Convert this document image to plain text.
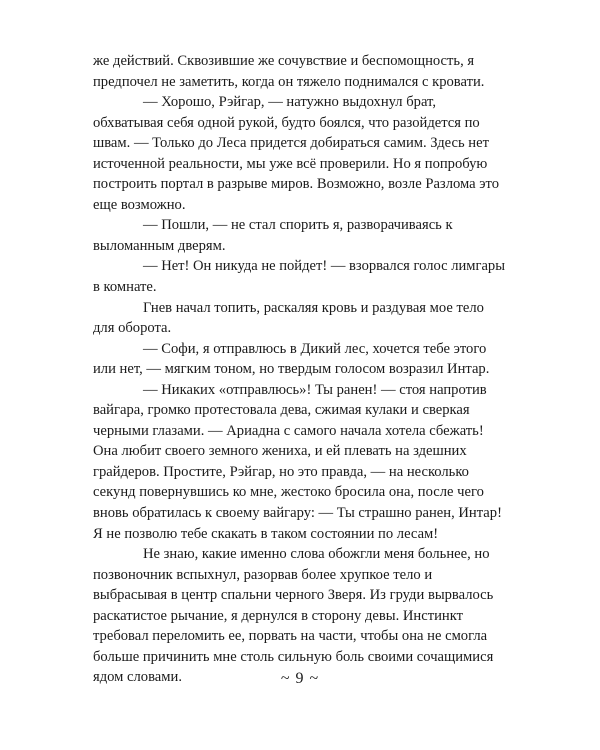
же действий. Сквозившие же сочувствие и беспомощность, я
предпочел не заметить, когда он тяжело поднимался с кровати.
— Хорошо, Рэйгар, — натужно выдохнул брат,
обхватывая себя одной рукой, будто боялся, что разойдется по
швам. — Только до Леса придется добираться самим. Здесь нет
источенной реальности, мы уже всё проверили. Но я попробую
построить портал в разрыве миров. Возможно, возле Разлома это
еще возможно.
— Пошли, — не стал спорить я, разворачиваясь к
выломанным дверям.
— Нет! Он никуда не пойдет! — взорвался голос лимгары
в комнате.
Гнев начал топить, раскаляя кровь и раздувая мое тело
для оборота.
— Софи, я отправлюсь в Дикий лес, хочется тебе этого
или нет, — мягким тоном, но твердым голосом возразил Интар.
— Никаких «отправлюсь»! Ты ранен! — стоя напротив
вайгара, громко протестовала дева, сжимая кулаки и сверкая
черными глазами. — Ариадна с самого начала хотела сбежать!
Она любит своего земного жениха, и ей плевать на здешних
грайдеров. Простите, Рэйгар, но это правда, — на несколько
секунд повернувшись ко мне, жестоко бросила она, после чего
вновь обратилась к своему вайгару: — Ты страшно ранен, Интар!
Я не позволю тебе скакать в таком состоянии по лесам!
Не знаю, какие именно слова обожгли меня больнее, но
позвоночник вспыхнул, разорвав более хрупкое тело и
выбрасывая в центр спальни черного Зверя. Из груди вырвалось
раскатистое рычание, я дернулся в сторону девы. Инстинкт
требовал переломить ее, порвать на части, чтобы она не смогла
больше причинить мне столь сильную боль своими сочащимися
ядом словами.	~ 9 ~
